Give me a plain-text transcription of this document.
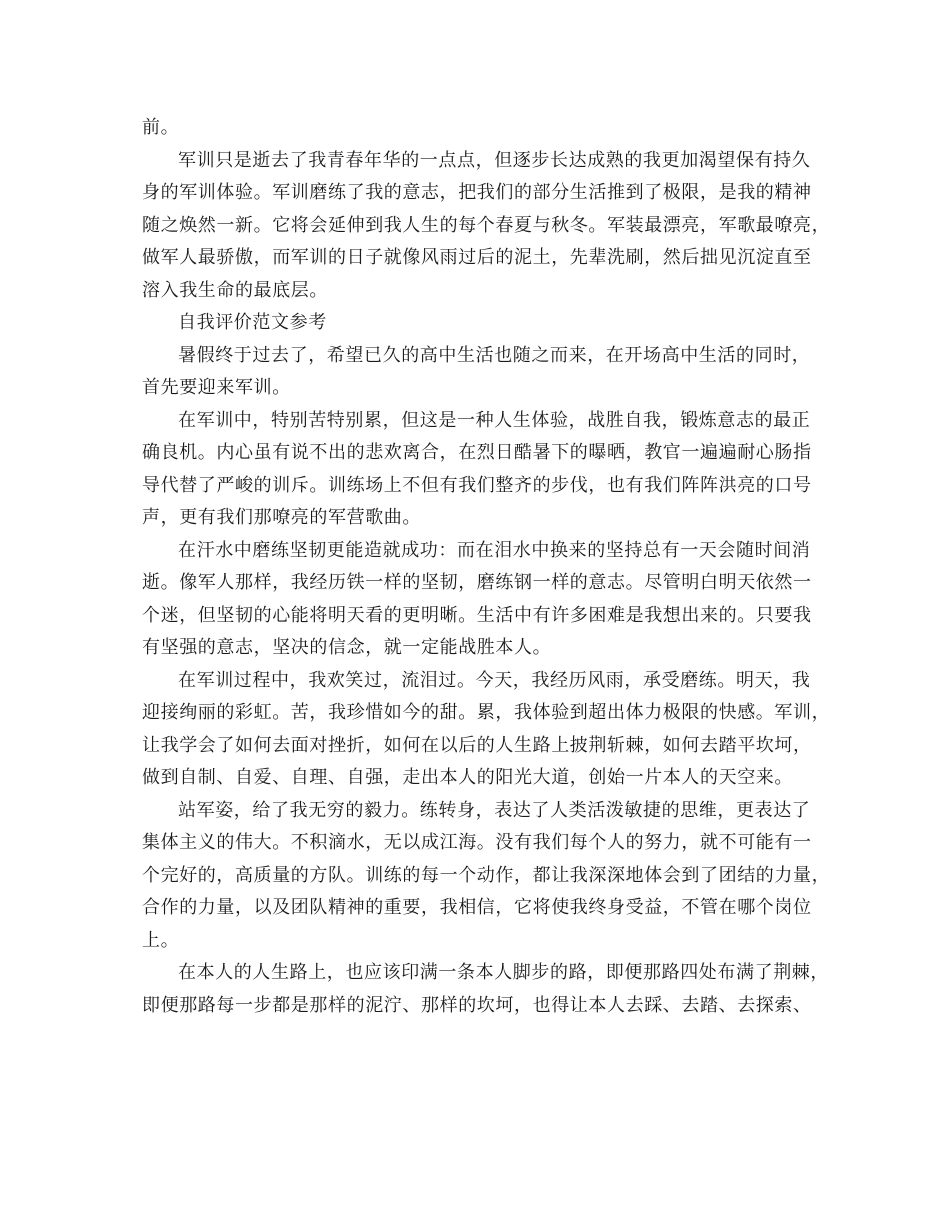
前。
军训只是逝去了我青春年华的一点点，但逐步长达成熟的我更加渴望保有持久
身的军训体验。军训磨练了我的意志，把我们的部分生活推到了极限，是我的精神
随之焕然一新。它将会延伸到我人生的每个春夏与秋冬。军装最漂亮，军歌最嘹亮，
做军人最骄傲，而军训的日子就像风雨过后的泥土，先辈洗刷，然后拙见沉淀直至
溶入我生命的最底层。
自我评价范文参考
暑假终于过去了，希望已久的高中生活也随之而来，在开场高中生活的同时，
首先要迎来军训。
在军训中，特别苦特别累，但这是一种人生体验，战胜自我，锻炼意志的最正
确良机。内心虽有说不出的悲欢离合，在烈日酷暑下的曝晒，教官一遍遍耐心肠指
导代替了严峻的训斥。训练场上不但有我们整齐的步伐，也有我们阵阵洪亮的口号
声，更有我们那嘹亮的军营歌曲。
在汗水中磨练坚韧更能造就成功：而在泪水中换来的坚持总有一天会随时间消
逝。像军人那样，我经历铁一样的坚韧，磨练钢一样的意志。尽管明白明天依然一
个迷，但坚韧的心能将明天看的更明晰。生活中有许多困难是我想出来的。只要我
有坚强的意志，坚决的信念，就一定能战胜本人。
在军训过程中，我欢笑过，流泪过。今天，我经历风雨，承受磨练。明天，我
迎接绚丽的彩虹。苦，我珍惜如今的甜。累，我体验到超出体力极限的快感。军训，
让我学会了如何去面对挫折，如何在以后的人生路上披荆斩棘，如何去踏平坎坷，
做到自制、自爱、自理、自强，走出本人的阳光大道，创始一片本人的天空来。
站军姿，给了我无穷的毅力。练转身，表达了人类活泼敏捷的思维，更表达了
集体主义的伟大。不积滴水，无以成江海。没有我们每个人的努力，就不可能有一
个完好的，高质量的方队。训练的每一个动作，都让我深深地体会到了团结的力量，
合作的力量，以及团队精神的重要，我相信，它将使我终身受益，不管在哪个岗位
上。
在本人的人生路上，也应该印满一条本人脚步的路，即便那路四处布满了荆棘，
即便那路每一步都是那样的泥泞、那样的坎坷，也得让本人去踩、去踏、去探索、
